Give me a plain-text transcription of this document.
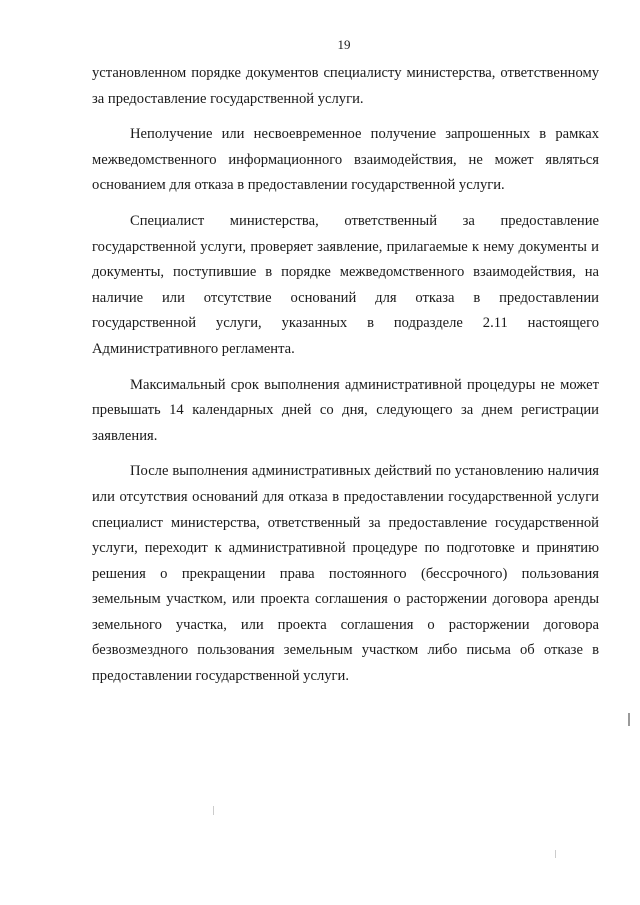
19

установленном порядке документов специалисту министерства, ответственному за предоставление государственной услуги.

Неполучение или несвоевременное получение запрошенных в рамках межведомственного информационного взаимодействия, не может являться основанием для отказа в предоставлении государственной услуги.

Специалист министерства, ответственный за предоставление государственной услуги, проверяет заявление, прилагаемые к нему документы и документы, поступившие в порядке межведомственного взаимодействия, на наличие или отсутствие оснований для отказа в предоставлении государственной услуги, указанных в подразделе 2.11 настоящего Административного регламента.

Максимальный срок выполнения административной процедуры не может превышать 14 календарных дней со дня, следующего за днем регистрации заявления.

После выполнения административных действий по установлению наличия или отсутствия оснований для отказа в предоставлении государственной услуги специалист министерства, ответственный за предоставление государственной услуги, переходит к административной процедуре по подготовке и принятию решения о прекращении права постоянного (бессрочного) пользования земельным участком, или проекта соглашения о расторжении договора аренды земельного участка, или проекта соглашения о расторжении договора безвозмездного пользования земельным участком либо письма об отказе в предоставлении государственной услуги.
